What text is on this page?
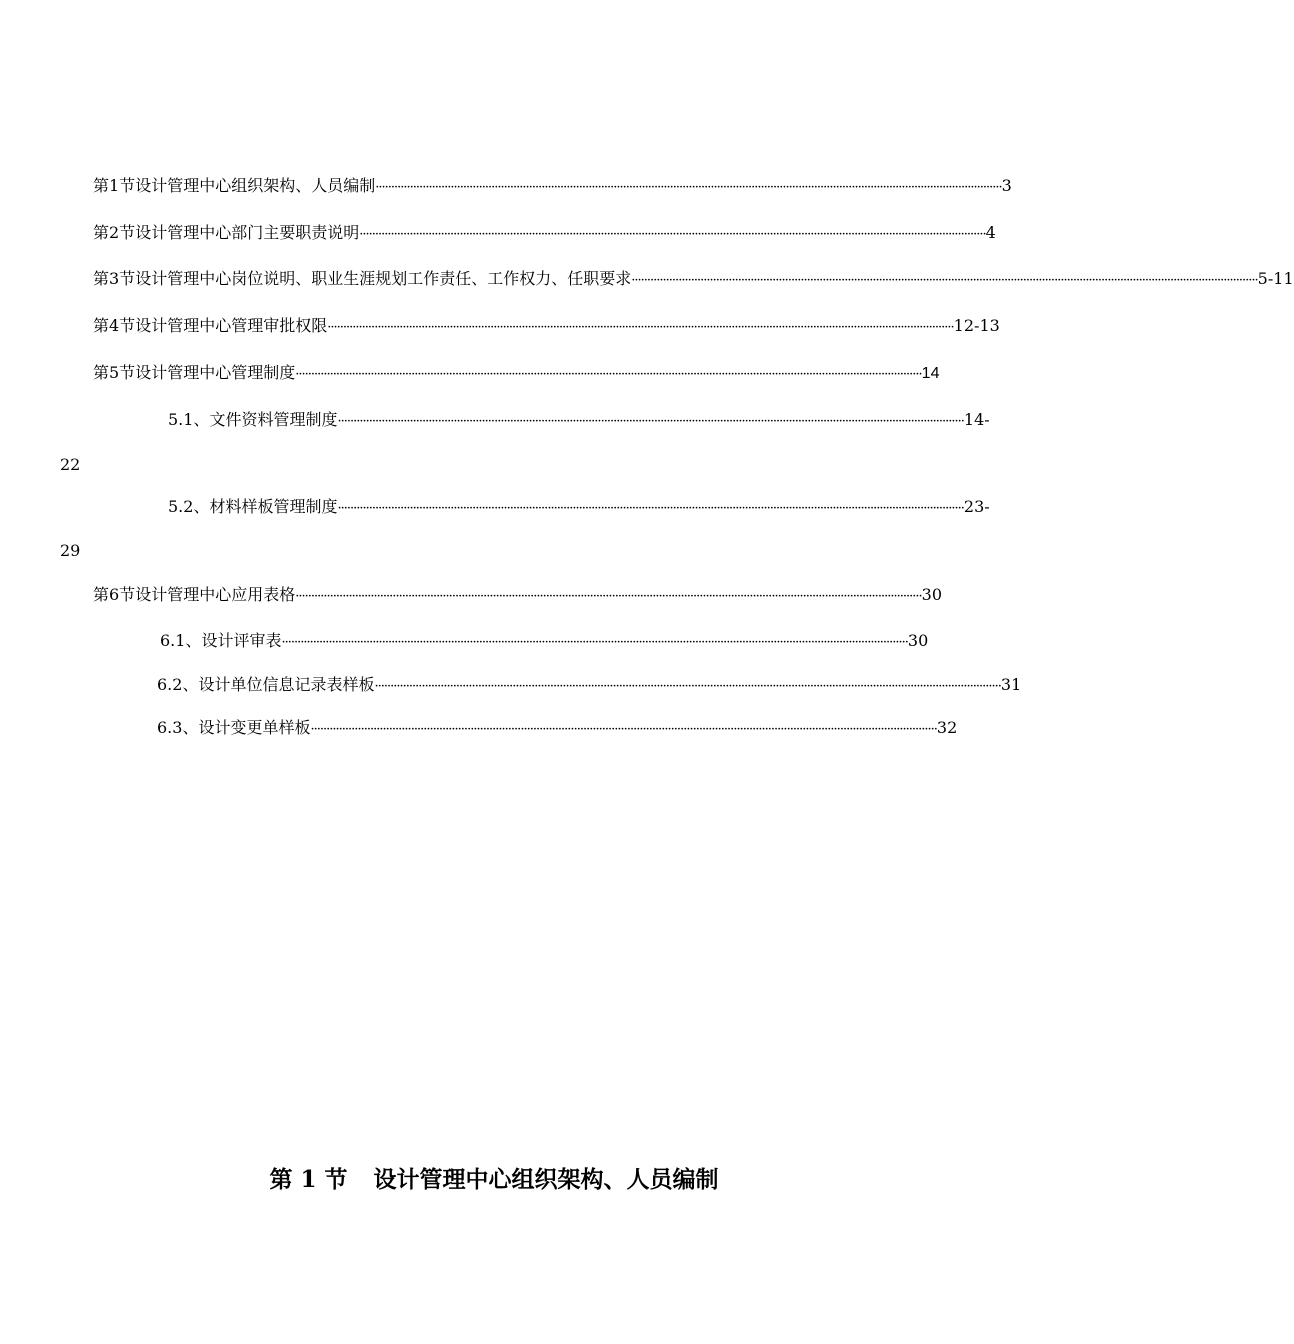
第1节 设计管理中心组织架构、人员编制 ········································································································································································································ 3
第2节 设计管理中心部门主要职责说明 ········································································································································································································ 4
第3节 设计管理中心岗位说明、职业生涯规划工作责任、工作权力、任职要求 ········································································································································································································ 5-11
第4节 设计管理中心管理审批权限 ········································································································································································································ 12-13
第5节 设计管理中心管理制度 ········································································································································································································ 14
5.1、文件资料管理制度 ········································································································································································································ 14-
22
5.2、材料样板管理制度 ········································································································································································································ 23-
29
第6节 设计管理中心应用表格 ········································································································································································································ 30
6.1、设计评审表 ········································································································································································································ 30
6.2、设计单位信息记录表样板 ········································································································································································································ 31
6.3、设计变更单样板 ········································································································································································································ 32
第 1 节 设计管理中心组织架构、人员编制
